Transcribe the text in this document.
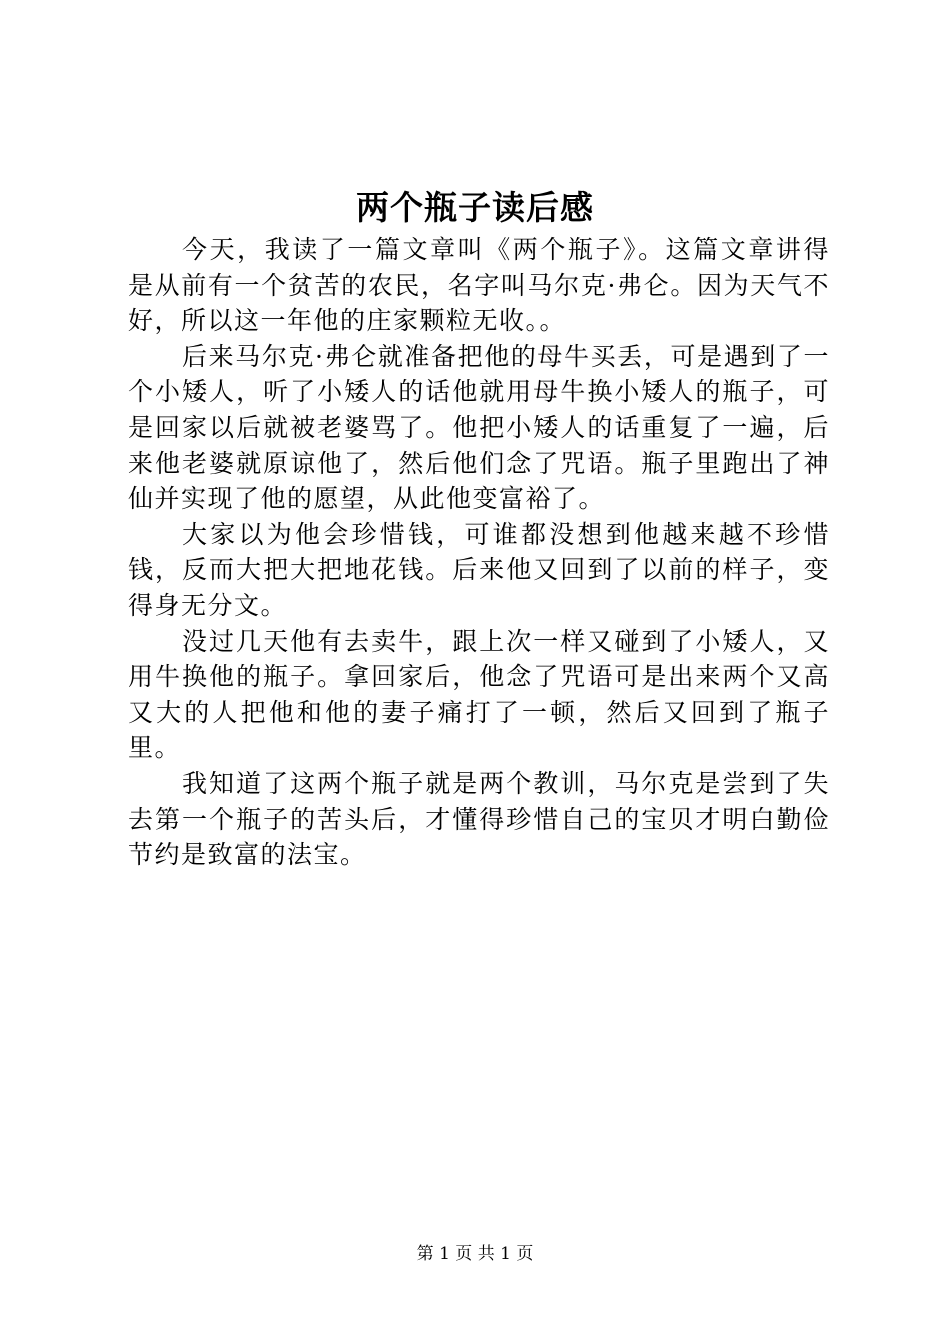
两个瓶子读后感

今天，我读了一篇文章叫《两个瓶子》。这篇文章讲得是从前有一个贫苦的农民，名字叫马尔克·弗仑。因为天气不好，所以这一年他的庄家颗粒无收。。

后来马尔克·弗仑就准备把他的母牛买丢，可是遇到了一个小矮人，听了小矮人的话他就用母牛换小矮人的瓶子，可是回家以后就被老婆骂了。他把小矮人的话重复了一遍，后来他老婆就原谅他了，然后他们念了咒语。瓶子里跑出了神仙并实现了他的愿望，从此他变富裕了。

大家以为他会珍惜钱，可谁都没想到他越来越不珍惜钱，反而大把大把地花钱。后来他又回到了以前的样子，变得身无分文。

没过几天他有去卖牛，跟上次一样又碰到了小矮人，又用牛换他的瓶子。拿回家后，他念了咒语可是出来两个又高又大的人把他和他的妻子痛打了一顿，然后又回到了瓶子里。

我知道了这两个瓶子就是两个教训，马尔克是尝到了失去第一个瓶子的苦头后，才懂得珍惜自己的宝贝才明白勤俭节约是致富的法宝。

第 1 页 共 1 页
